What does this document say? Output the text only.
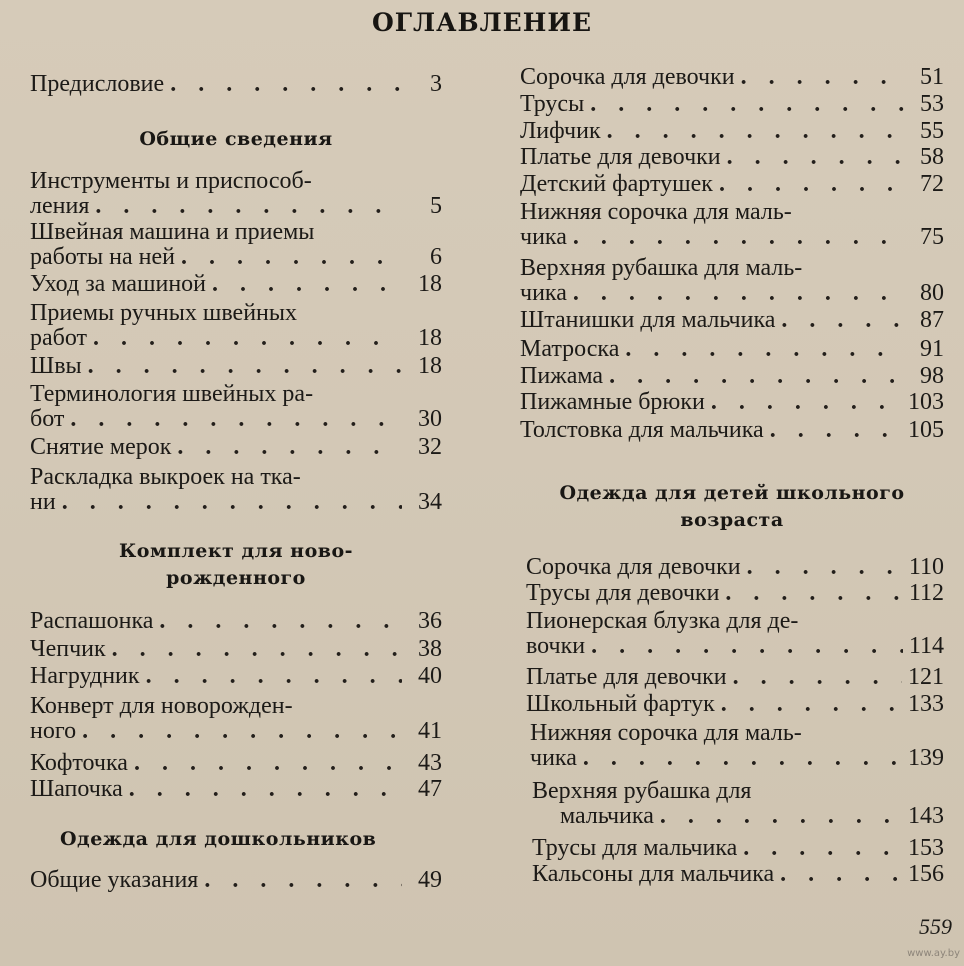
ОГЛАВЛЕНИЕ
Предисловие . . .	3
Общие сведения
Инструменты и приспособ-
ления . . .	5
Швейная машина и приемы
работы на ней . . .	6
Уход за машиной . . .	18
Приемы ручных швейных
работ . . .	18
Швы . . .	18
Терминология швейных ра-
бот . . .	30
Снятие мерок . . .	32
Раскладка выкроек на тка-
ни . . .	34
Комплект для ново-
рожденного
Распашонка . . .	36
Чепчик . . .	38
Нагрудник . . .	40
Конверт для новорожден-
ного . . .	41
Кофточка . . .	43
Шапочка . . .	47
Одежда для дошкольников
Общие указания . . .	49
Сорочка для девочки . . .	51
Трусы . . .	53
Лифчик . . .	55
Платье для девочки . . .	58
Детский фартушек . . .	72
Нижняя сорочка для маль-
чика . . .	75
Верхняя рубашка для маль-
чика . . .	80
Штанишки для мальчика . . .	87
Матроска . . .	91
Пижама . . .	98
Пижамные брюки . . .	103
Толстовка для мальчика . . .	105
Одежда для детей школьного
возраста
Сорочка для девочки . . .	110
Трусы для девочки . . .	112
Пионерская блузка для де-
вочки . . .	114
Платье для девочки . . .	121
Школьный фартук . . .	133
Нижняя сорочка для маль-
чика . . .	139
Верхняя рубашка для
мальчика . . .	143
Трусы для мальчика . . .	153
Кальсоны для мальчика . . .	156
559
www.ay.by
